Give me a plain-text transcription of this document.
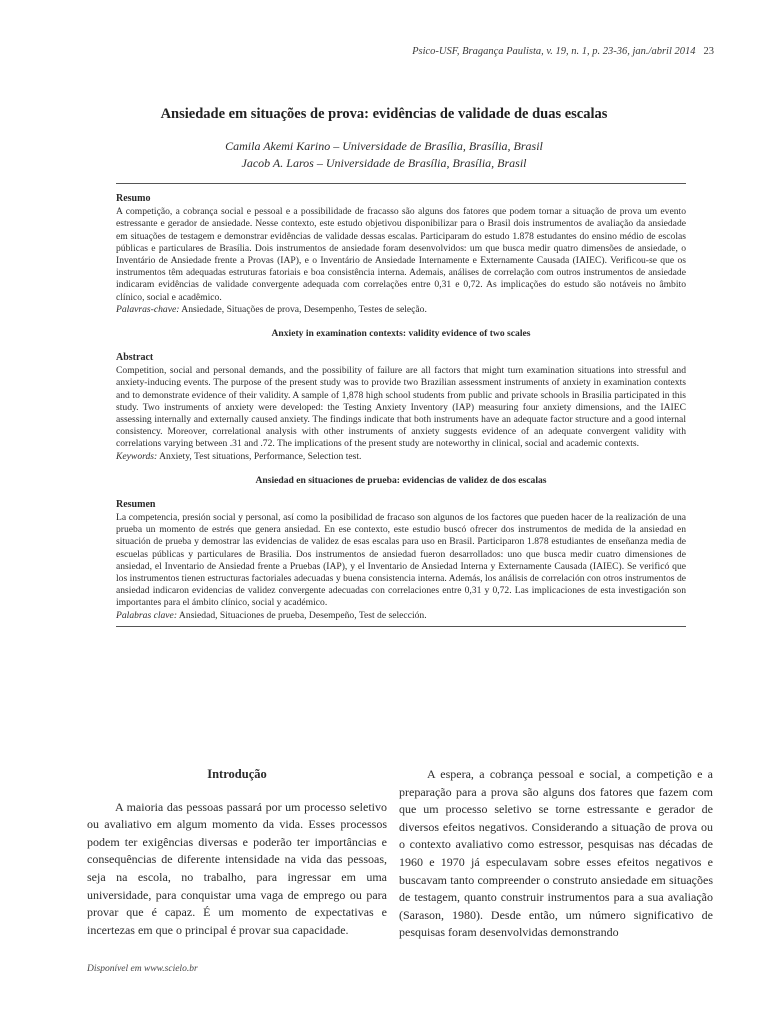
Psico-USF, Bragança Paulista, v. 19, n. 1, p. 23-36, jan./abril 2014 23
Ansiedade em situações de prova: evidências de validade de duas escalas
Camila Akemi Karino – Universidade de Brasília, Brasília, Brasil
Jacob A. Laros – Universidade de Brasília, Brasília, Brasil
Resumo

A competição, a cobrança social e pessoal e a possibilidade de fracasso são alguns dos fatores que podem tornar a situação de prova um evento estressante e gerador de ansiedade. Nesse contexto, este estudo objetivou disponibilizar para o Brasil dois instrumentos de avaliação da ansiedade em situações de testagem e demonstrar evidências de validade dessas escalas. Participaram do estudo 1.878 estudantes do ensino médio de escolas públicas e particulares de Brasília. Dois instrumentos de ansiedade foram desenvolvidos: um que busca medir quatro dimensões de ansiedade, o Inventário de Ansiedade frente a Provas (IAP), e o Inventário de Ansiedade Internamente e Externamente Causada (IAIEC). Verificou-se que os instrumentos têm adequadas estruturas fatoriais e boa consistência interna. Ademais, análises de correlação com outros instrumentos de ansiedade indicaram evidências de validade convergente adequada com correlações entre 0,31 e 0,72. As implicações do estudo são notáveis no âmbito clínico, social e acadêmico.

Palavras-chave: Ansiedade, Situações de prova, Desempenho, Testes de seleção.

Anxiety in examination contexts: validity evidence of two scales
Abstract

Competition, social and personal demands, and the possibility of failure are all factors that might turn examination situations into stressful and anxiety-inducing events. The purpose of the present study was to provide two Brazilian assessment instruments of anxiety in examination contexts and to demonstrate evidence of their validity. A sample of 1,878 high school students from public and private schools in Brasilia participated in this study. Two instruments of anxiety were developed: the Testing Anxiety Inventory (IAP) measuring four anxiety dimensions, and the IAIEC assessing internally and externally caused anxiety. The findings indicate that both instruments have an adequate factor structure and a good internal consistency. Moreover, correlational analysis with other instruments of anxiety suggests evidence of an adequate convergent validity with correlations varying between .31 and .72. The implications of the present study are noteworthy in clinical, social and academic contexts.

Keywords: Anxiety, Test situations, Performance, Selection test.

Ansiedad en situaciones de prueba: evidencias de validez de dos escalas
Resumen

La competencia, presión social y personal, así como la posibilidad de fracaso son algunos de los factores que pueden hacer de la realización de una prueba un momento de estrés que genera ansiedad. En ese contexto, este estudio buscó ofrecer dos instrumentos de medida de la ansiedad en situación de prueba y demostrar las evidencias de validez de esas escalas para uso en Brasil. Participaron 1.878 estudiantes de enseñanza media de escuelas públicas y particulares de Brasilia. Dos instrumentos de ansiedad fueron desarrollados: uno que busca medir cuatro dimensiones de ansiedad, el Inventario de Ansiedad frente a Pruebas (IAP), y el Inventario de Ansiedad Interna y Externamente Causada (IAIEC). Se verificó que los instrumentos tienen estructuras factoriales adecuadas y buena consistencia interna. Además, los análisis de correlación con otros instrumentos de ansiedad indicaron evidencias de validez convergente adecuadas con correlaciones entre 0,31 y 0,72. Las implicaciones de esta investigación son importantes para el ámbito clínico, social y académico.

Palabras clave: Ansiedad, Situaciones de prueba, Desempeño, Test de selección.

Introdução

A maioria das pessoas passará por um processo seletivo ou avaliativo em algum momento da vida. Esses processos podem ter exigências diversas e poderão ter importâncias e consequências de diferente intensidade na vida das pessoas, seja na escola, no trabalho, para ingressar em uma universidade, para conquistar uma vaga de emprego ou para provar que é capaz. É um momento de expectativas e incertezas em que o principal é provar sua capacidade.

A espera, a cobrança pessoal e social, a competição e a preparação para a prova são alguns dos fatores que fazem com que um processo seletivo se torne estressante e gerador de diversos efeitos negativos. Considerando a situação de prova ou o contexto avaliativo como estressor, pesquisas nas décadas de 1960 e 1970 já especulavam sobre esses efeitos negativos e buscavam tanto compreender o construto ansiedade em situações de testagem, quanto construir instrumentos para a sua avaliação (Sarason, 1980). Desde então, um número significativo de pesquisas foram desenvolvidas demonstrando

Disponível em www.scielo.br
